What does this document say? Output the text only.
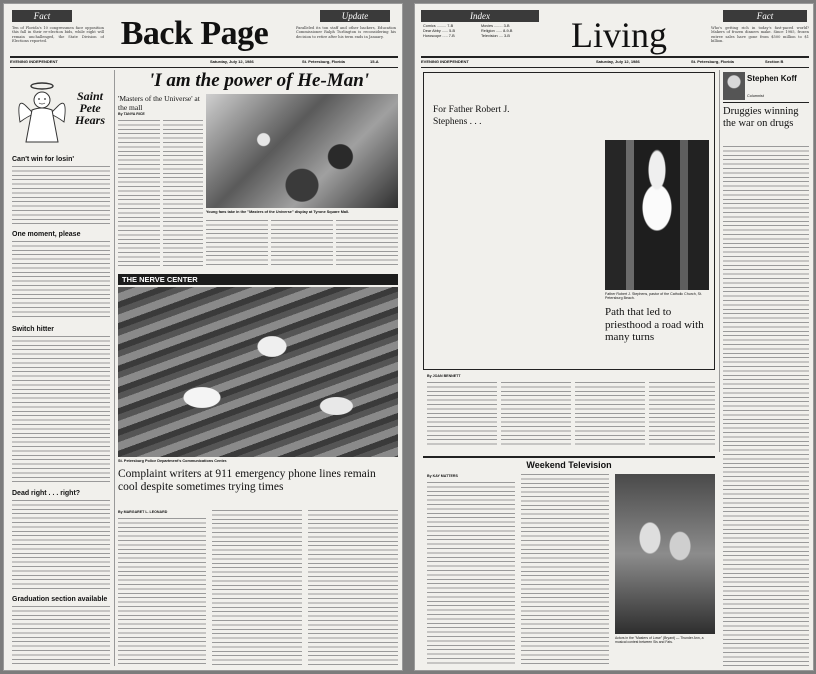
Fact
Ten of Florida's 10 congressmen face opposition this fall in their re-election bids, while eight will remain unchallenged, the State Division of Elections reported.	Back Page	Update
Paralleled its ton staff and other backers, Education Commissioner Ralph Turlington is reconsidering his decision to retire after his term ends in January.
EVENING INDEPENDENT	Saturday, July 12, 1986	St. Petersburg, Florida	15-A
Saint Pete Hears
Can't win for losin'
One moment, please
Switch hitter
Dead right . . . right?
Graduation section available
'I am the power of He-Man'
'Masters of the Universe' at the mall
By TANYA RICE
Young fans take in the "Masters of the Universe" display at Tyrone Square Mall.
THE NERVE CENTER
St. Petersburg Police Department's Communications Center.
Complaint writers at 911 emergency phone lines remain cool despite sometimes trying times
By MARGARET L. LEONARD
Index
Comics ......... 7-B
Dear Abby ...... 5-B
Horoscope ..... 7-B
Movies ........ 3-B
Religion ...... 8-9-B
Television .... 3-B	Living	Fact
Who's getting rich in today's fast-paced world? Makers of frozen dinners make. Since 1985, frozen entree sales have gone from $500 million to $1 billion.
EVENING INDEPENDENT	Saturday, July 12, 1986	St. Petersburg, Florida	Section B
For Father Robert J. Stephens . . .
Father Robert J. Stephens, pastor of the Catholic Church, St. Petersburg Beach.
Path that led to priesthood a road with many turns
By JOAN BENNETT
Stephen Koff
Columnist
Druggies winning the war on drugs
Weekend Television
By KAY MATTERS
Actors in the "Masters of Lowe" (Bryant) — Thunder Ann, a musical contest between Sis and Fats.
